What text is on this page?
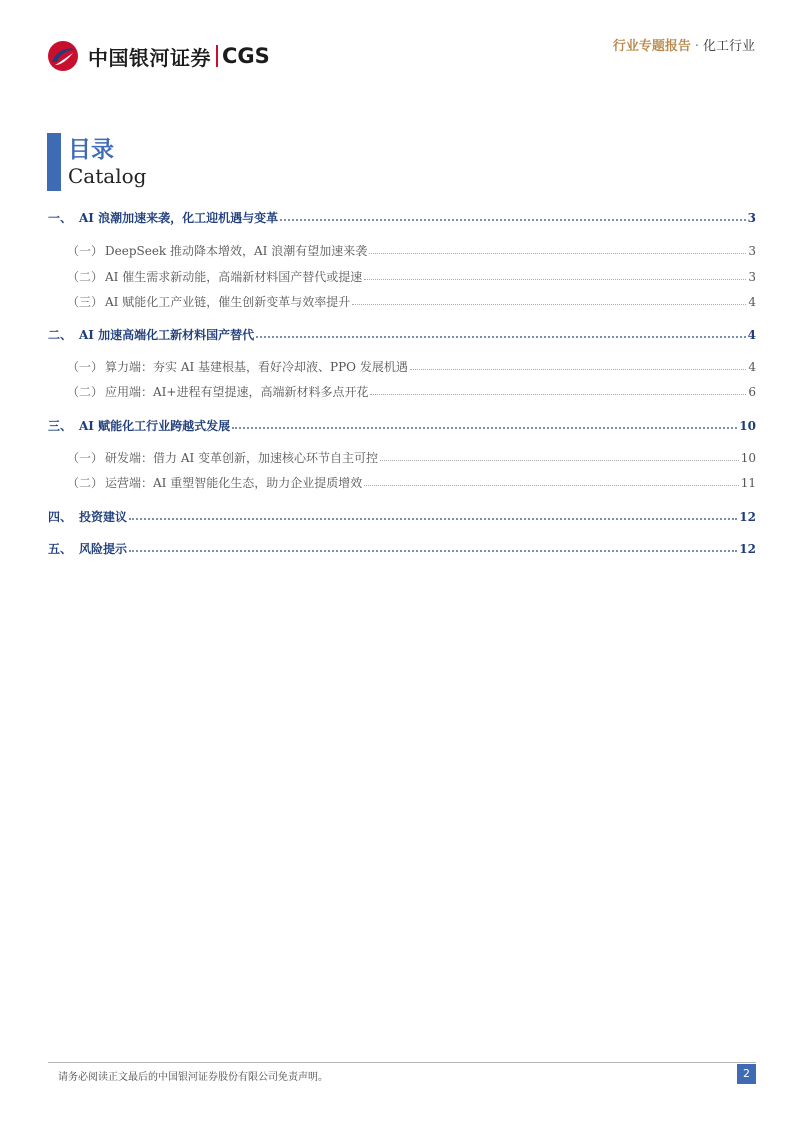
中国银河证券 CGS	行业专题报告 · 化工行业
目录
Catalog
一、 AI 浪潮加速来袭，化工迎机遇与变革	3
（一） DeepSeek 推动降本增效，AI 浪潮有望加速来袭	3
（二） AI 催生需求新动能，高端新材料国产替代或提速	3
（三） AI 赋能化工产业链，催生创新变革与效率提升	4
二、 AI 加速高端化工新材料国产替代	4
（一） 算力端：夯实 AI 基建根基，看好冷却液、PPO 发展机遇	4
（二） 应用端：AI+进程有望提速，高端新材料多点开花	6
三、 AI 赋能化工行业跨越式发展	10
（一） 研发端：借力 AI 变革创新，加速核心环节自主可控	10
（二） 运营端：AI 重塑智能化生态，助力企业提质增效	11
四、 投资建议	12
五、 风险提示	12
请务必阅读正文最后的中国银河证券股份有限公司免责声明。	2
